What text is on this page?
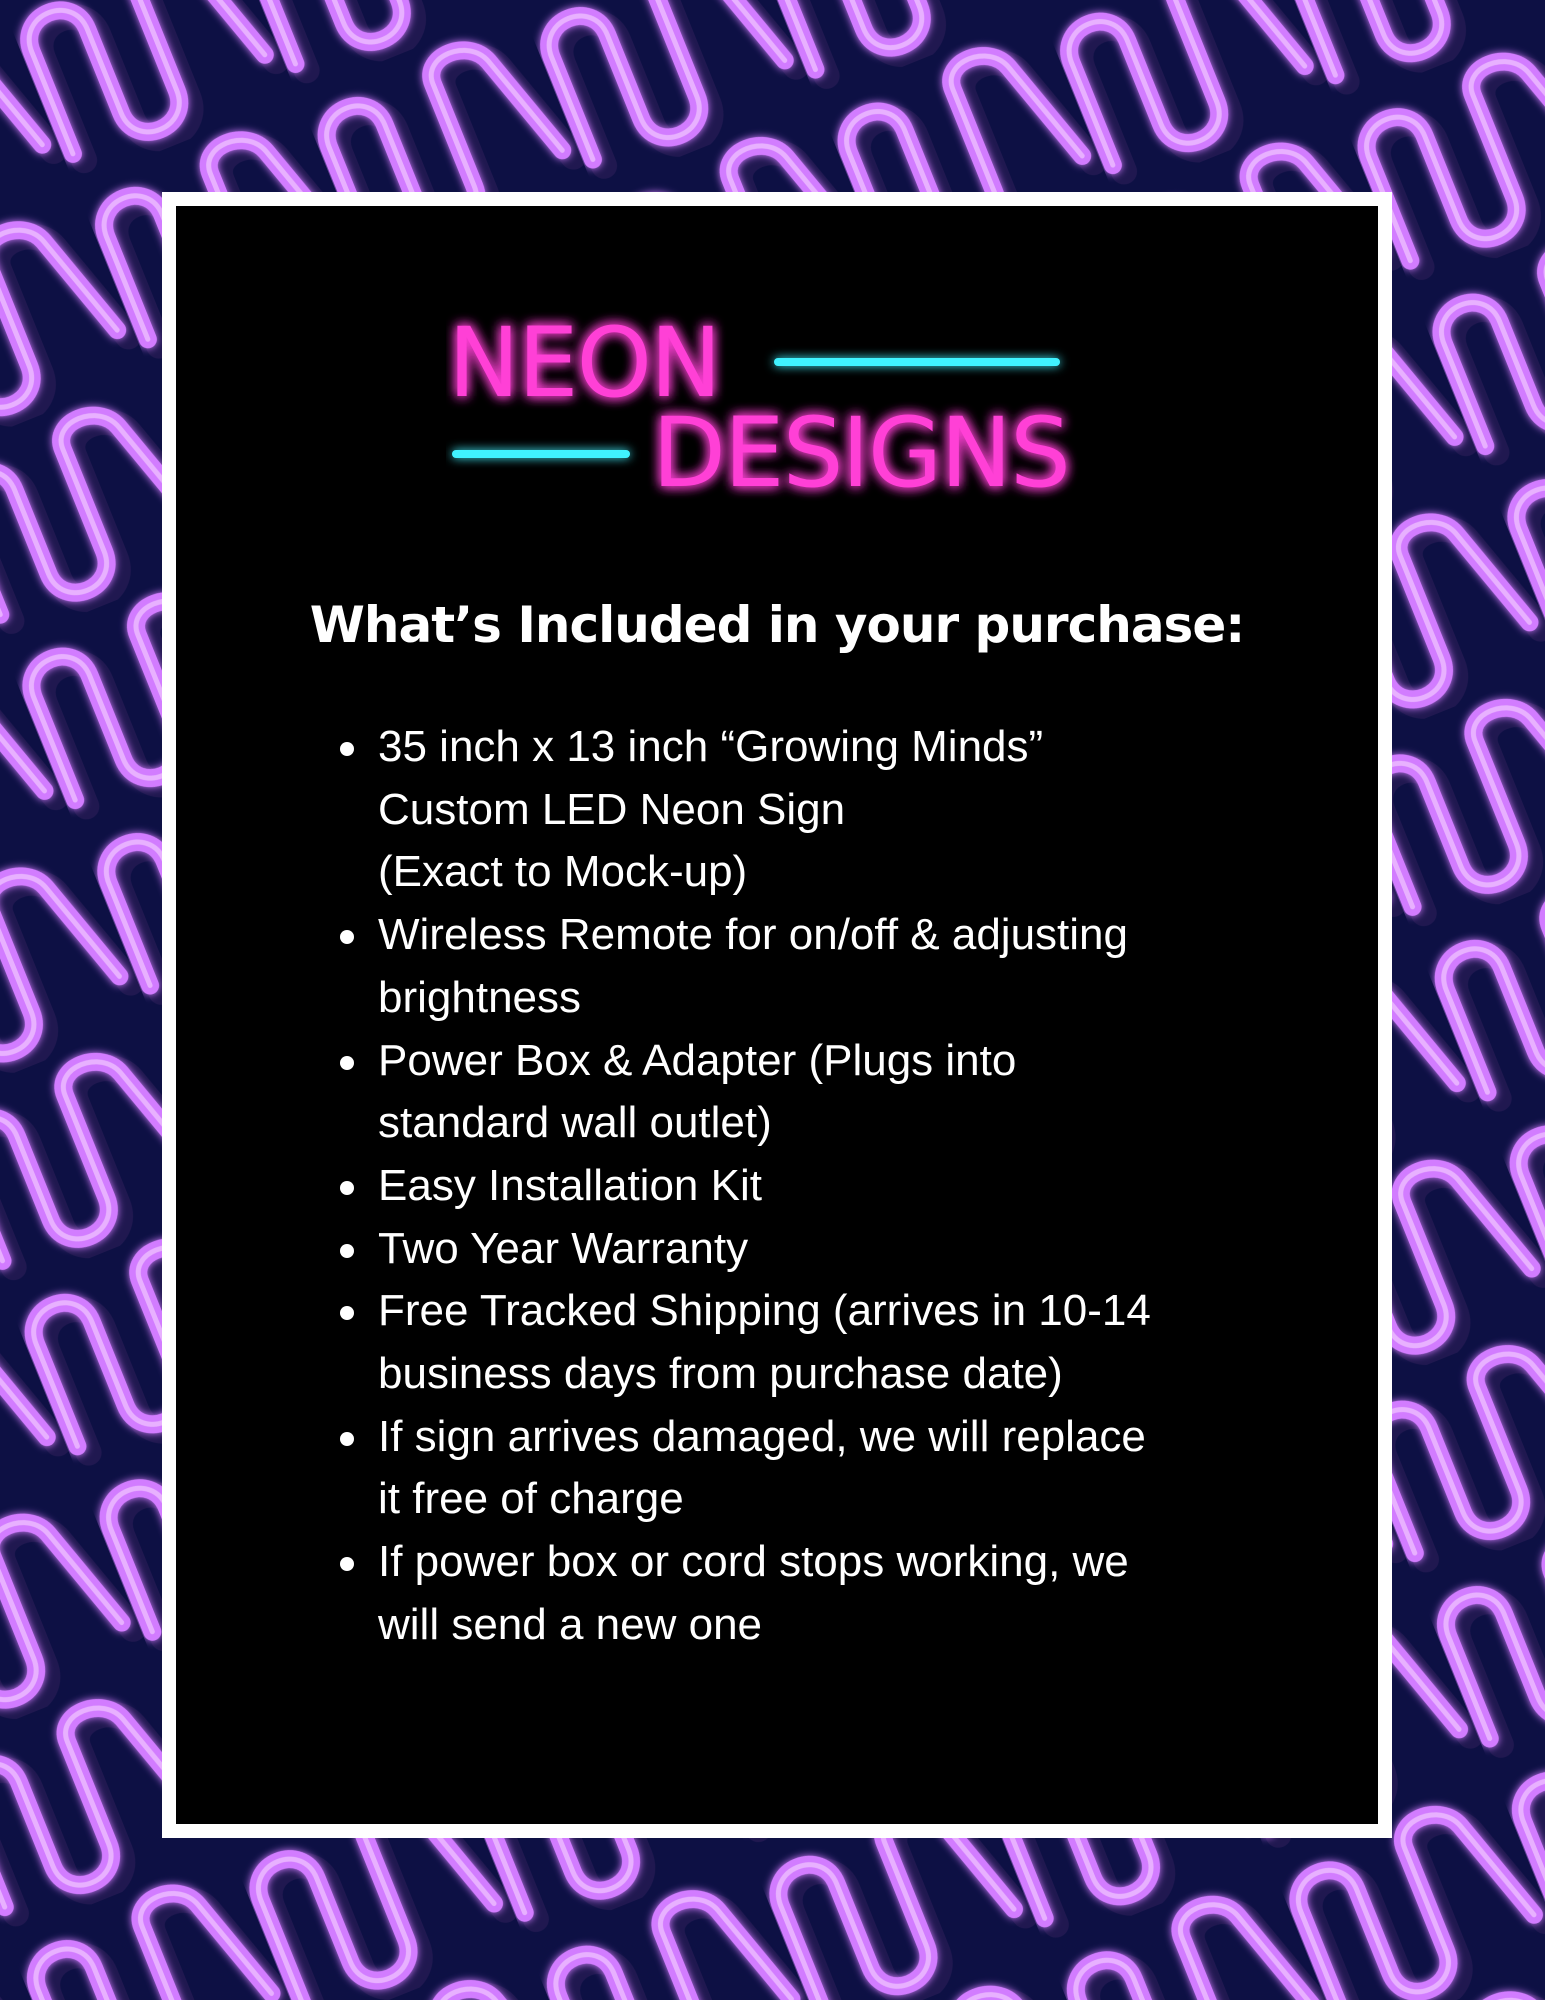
NEON
DESIGNS
What’s Included in your purchase:
35 inch x 13 inch “Growing Minds”
Custom LED Neon Sign
(Exact to Mock-up)
Wireless Remote for on/off & adjusting
brightness
Power Box & Adapter (Plugs into
standard wall outlet)
Easy Installation Kit
Two Year Warranty
Free Tracked Shipping (arrives in 10-14
business days from purchase date)
If sign arrives damaged, we will replace
it free of charge
If power box or cord stops working, we
will send a new one
